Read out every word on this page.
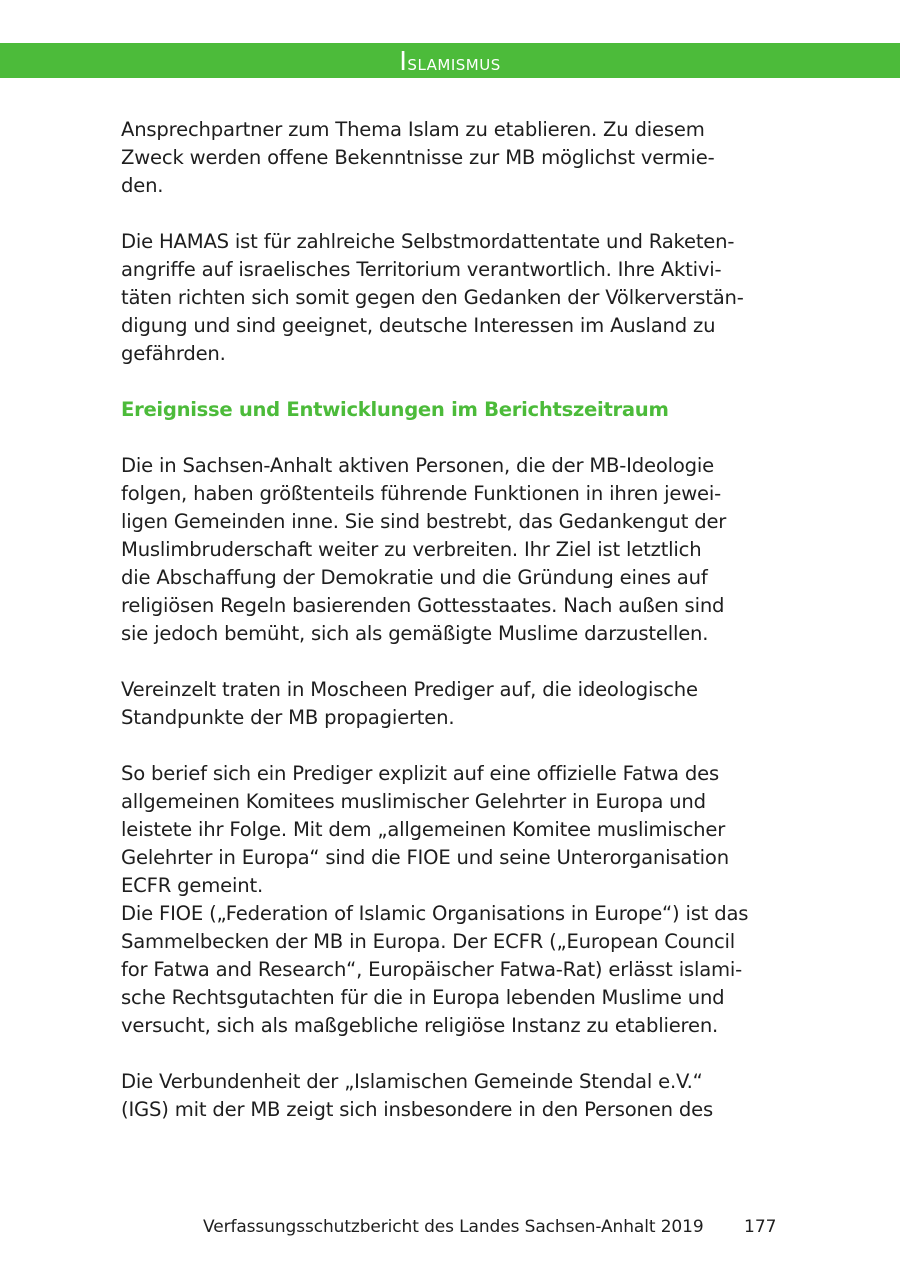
Islamismus

Ansprechpartner zum Thema Islam zu etablieren. Zu diesem
Zweck werden offene Bekenntnisse zur MB möglichst vermie-
den.

Die HAMAS ist für zahlreiche Selbstmordattentate und Raketen-
angriffe auf israelisches Territorium verantwortlich. Ihre Aktivi-
täten richten sich somit gegen den Gedanken der Völkerverstän-
digung und sind geeignet, deutsche Interessen im Ausland zu
gefährden.

Ereignisse und Entwicklungen im Berichtszeitraum

Die in Sachsen-Anhalt aktiven Personen, die der MB-Ideologie
folgen, haben größtenteils führende Funktionen in ihren jewei-
ligen Gemeinden inne. Sie sind bestrebt, das Gedankengut der
Muslimbruderschaft weiter zu verbreiten. Ihr Ziel ist letztlich
die Abschaffung der Demokratie und die Gründung eines auf
religiösen Regeln basierenden Gottesstaates. Nach außen sind
sie jedoch bemüht, sich als gemäßigte Muslime darzustellen.

Vereinzelt traten in Moscheen Prediger auf, die ideologische
Standpunkte der MB propagierten.

So berief sich ein Prediger explizit auf eine offizielle Fatwa des
allgemeinen Komitees muslimischer Gelehrter in Europa und
leistete ihr Folge. Mit dem „allgemeinen Komitee muslimischer
Gelehrter in Europa“ sind die FIOE und seine Unterorganisation
ECFR gemeint.
Die FIOE („Federation of Islamic Organisations in Europe“) ist das
Sammelbecken der MB in Europa. Der ECFR („European Council
for Fatwa and Research“, Europäischer Fatwa-Rat) erlässt islami-
sche Rechtsgutachten für die in Europa lebenden Muslime und
versucht, sich als maßgebliche religiöse Instanz zu etablieren.

Die Verbundenheit der „Islamischen Gemeinde Stendal e.V.“
(IGS) mit der MB zeigt sich insbesondere in den Personen des

Verfassungsschutzbericht des Landes Sachsen-Anhalt 2019 177
